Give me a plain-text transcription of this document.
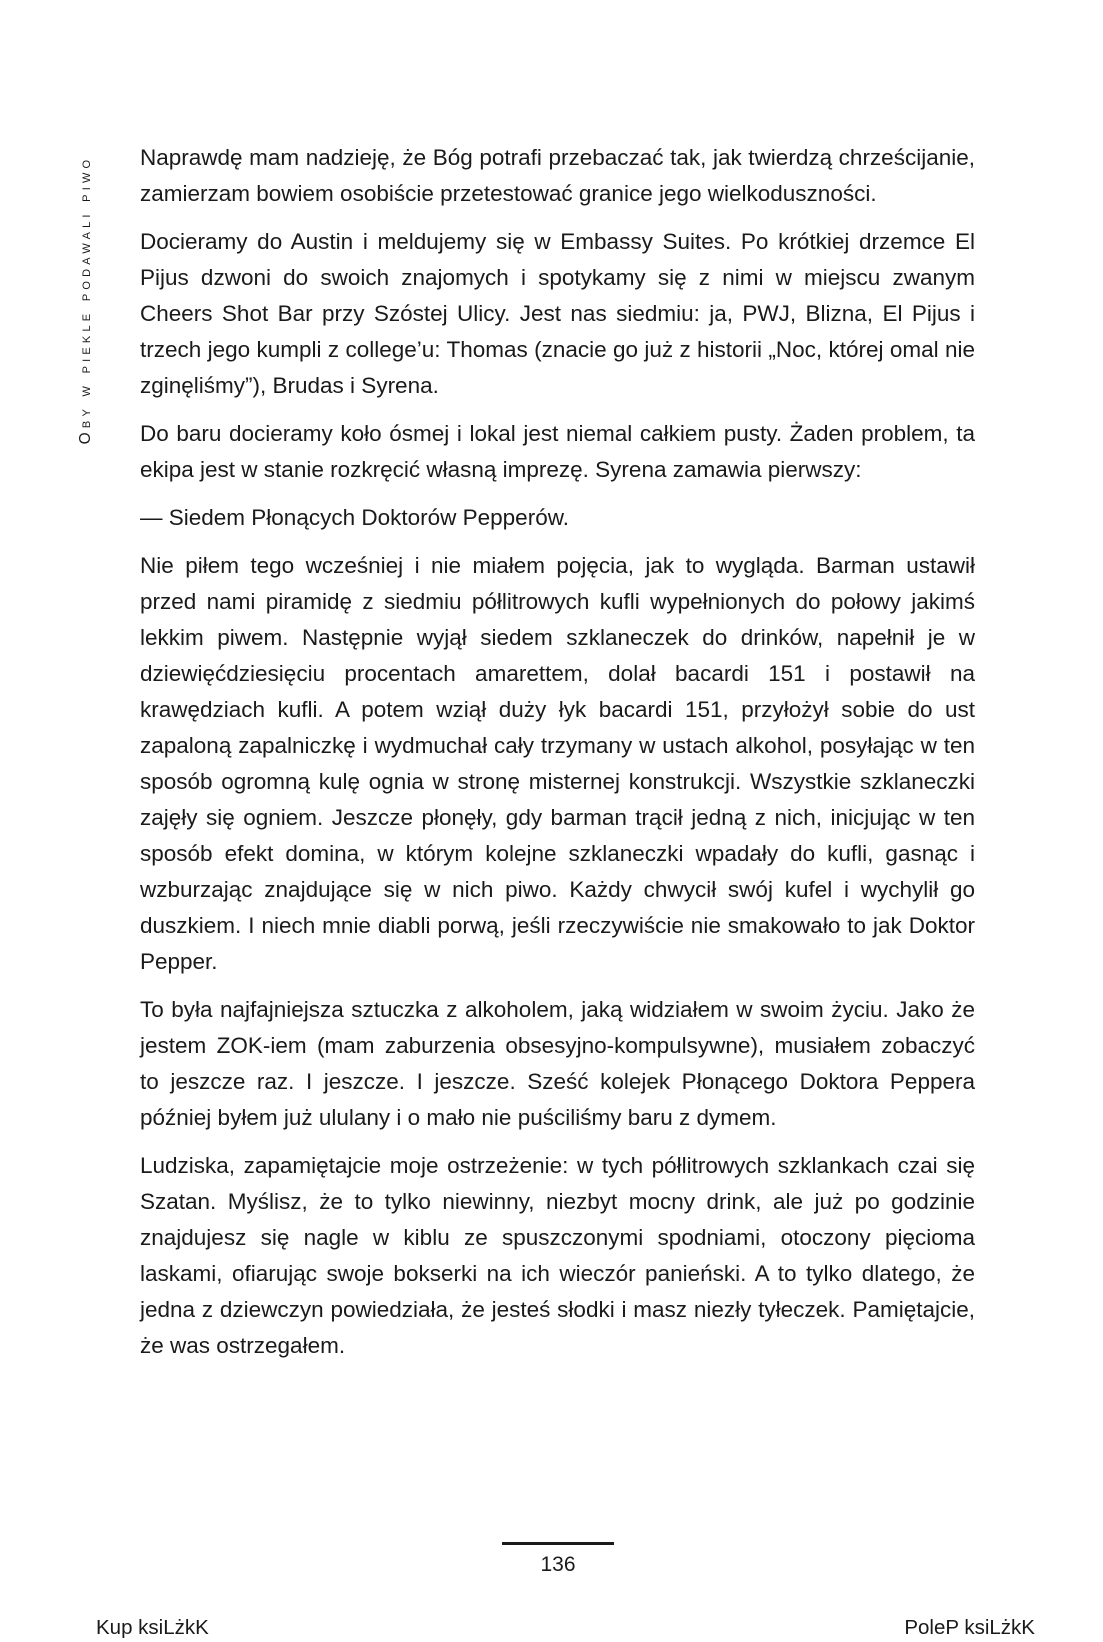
Oby w piekle podawali piwo Naprawdę mam nadzieję, że Bóg potrafi przebaczać tak, jak twierdzą chrześcijanie, zamierzam bowiem osobiście przetestować granice jego wielkoduszności.

Docieramy do Austin i meldujemy się w Embassy Suites. Po krótkiej drzemce El Pijus dzwoni do swoich znajomych i spotykamy się z nimi w miejscu zwanym Cheers Shot Bar przy Szóstej Ulicy. Jest nas siedmiu: ja, PWJ, Blizna, El Pijus i trzech jego kumpli z college’u: Thomas (znacie go już z historii „Noc, której omal nie zginęliśmy”), Brudas i Syrena.

Do baru docieramy koło ósmej i lokal jest niemal całkiem pusty. Żaden problem, ta ekipa jest w stanie rozkręcić własną imprezę. Syrena zamawia pierwszy:

— Siedem Płonących Doktorów Pepperów.

Nie piłem tego wcześniej i nie miałem pojęcia, jak to wygląda. Barman ustawił przed nami piramidę z siedmiu półlitrowych kufli wypełnionych do połowy jakimś lekkim piwem. Następnie wyjął siedem szklaneczek do drinków, napełnił je w dziewięćdziesięciu procentach amarettem, dolał bacardi 151 i postawił na krawędziach kufli. A potem wziął duży łyk bacardi 151, przyłożył sobie do ust zapaloną zapalniczkę i wydmuchał cały trzymany w ustach alkohol, posyłając w ten sposób ogromną kulę ognia w stronę misternej konstrukcji. Wszystkie szklaneczki zajęły się ogniem. Jeszcze płonęły, gdy barman trącił jedną z nich, inicjując w ten sposób efekt domina, w którym kolejne szklaneczki wpadały do kufli, gasnąc i wzburzając znajdujące się w nich piwo. Każdy chwycił swój kufel i wychylił go duszkiem. I niech mnie diabli porwą, jeśli rzeczywiście nie smakowało to jak Doktor Pepper.

To była najfajniejsza sztuczka z alkoholem, jaką widziałem w swoim życiu. Jako że jestem ZOK-iem (mam zaburzenia obsesyjno-kompulsywne), musiałem zobaczyć to jeszcze raz. I jeszcze. I jeszcze. Sześć kolejek Płonącego Doktora Peppera później byłem już ululany i o mało nie puściliśmy baru z dymem.

Ludziska, zapamiętajcie moje ostrzeżenie: w tych półlitrowych szklankach czai się Szatan. Myślisz, że to tylko niewinny, niezbyt mocny drink, ale już po godzinie znajdujesz się nagle w kiblu ze spuszczonymi spodniami, otoczony pięcioma laskami, ofiarując swoje bokserki na ich wieczór panieński. A to tylko dlatego, że jedna z dziewczyn powiedziała, że jesteś słodki i masz niezły tyłeczek. Pamiętajcie, że was ostrzegałem.

136
Kup ksiLżkK	PoleP ksiLżkK
